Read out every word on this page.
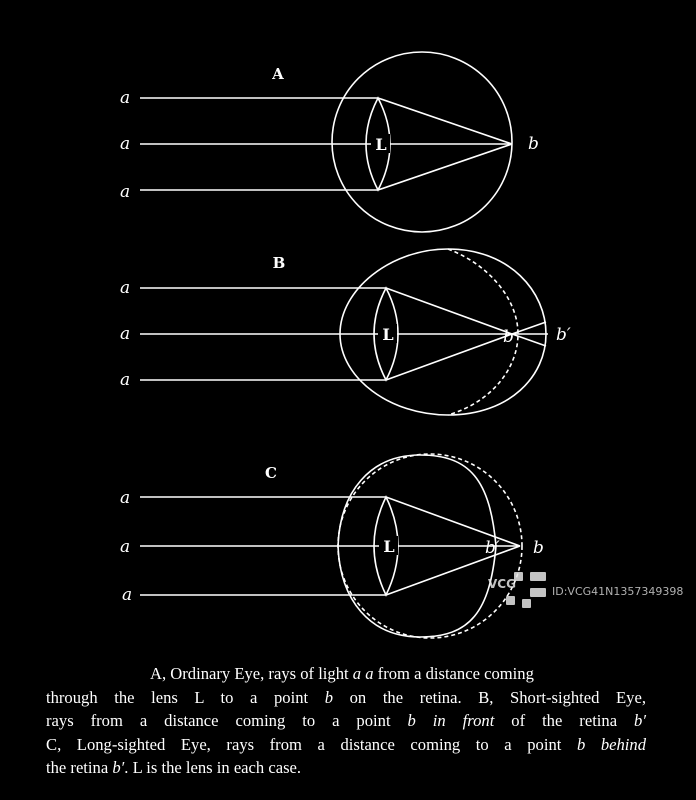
A
a
a
a
L	b
B
a
a
a
L	b b′
C
a
a
a
L	b′ b
VCG
ID:VCG41N1357349398
A, Ordinary Eye, rays of light a a from a distance coming
through the lens L to a point b on the retina. B, Short-sighted Eye,
rays from a distance coming to a point b in front of the retina b′
C, Long-sighted Eye, rays from a distance coming to a point b behind
the retina b′. L is the lens in each case.
